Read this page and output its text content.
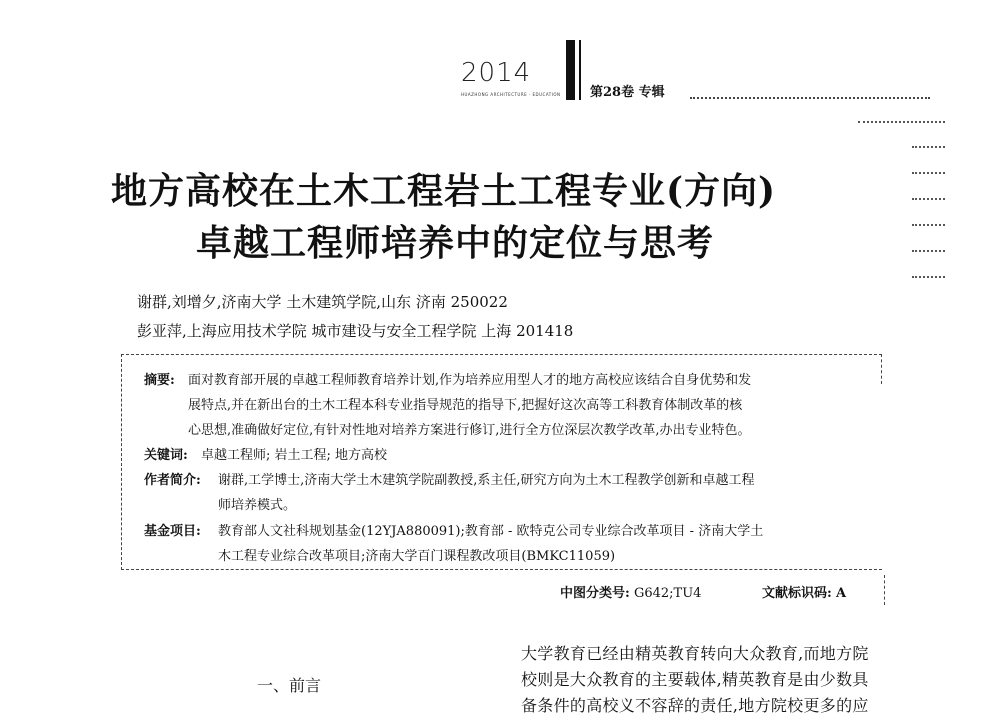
2014
HUAZHONG ARCHITECTURE · EDUCATION 第28卷 专辑
地方高校在土木工程岩土工程专业(方向)
卓越工程师培养中的定位与思考
谢群,刘增夕,济南大学 土木建筑学院,山东 济南 250022
彭亚萍,上海应用技术学院 城市建设与安全工程学院 上海 201418
摘要: 面对教育部开展的卓越工程师教育培养计划,作为培养应用型人才的地方高校应该结合自身优势和发
展特点,并在新出台的土木工程本科专业指导规范的指导下,把握好这次高等工科教育体制改革的核
心思想,准确做好定位,有针对性地对培养方案进行修订,进行全方位深层次教学改革,办出专业特色。
关键词: 卓越工程师; 岩土工程; 地方高校
作者简介: 谢群,工学博士,济南大学土木建筑学院副教授,系主任,研究方向为土木工程教学创新和卓越工程
师培养模式。
基金项目: 教育部人文社科规划基金(12YJA880091);教育部 - 欧特克公司专业综合改革项目 - 济南大学土
木工程专业综合改革项目;济南大学百门课程教改项目(BMKC11059)
中图分类号: G642;TU4	文献标识码: A
一、前言
大学教育已经由精英教育转向大众教育,而地方院
校则是大众教育的主要载体,精英教育是由少数具
备条件的高校义不容辞的责任,地方院校更多的应
